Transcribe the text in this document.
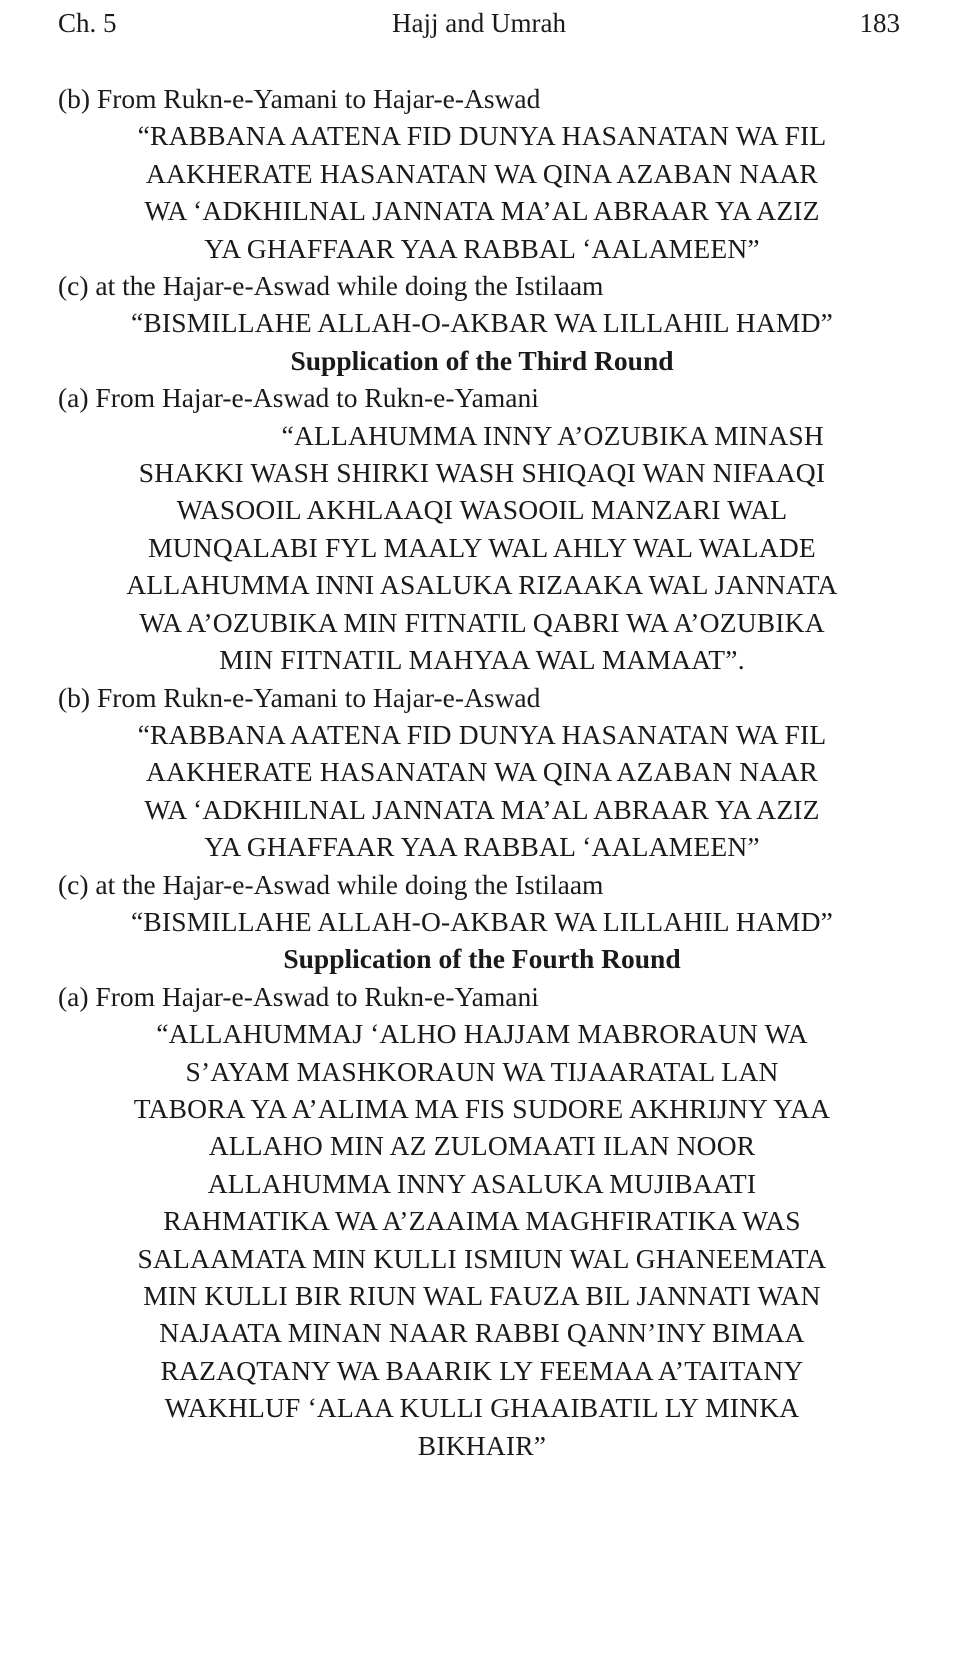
Ch. 5	Hajj and Umrah	183
(b) From Rukn-e-Yamani to Hajar-e-Aswad
“RABBANA AATENA FID DUNYA HASANATAN WA FIL
AAKHERATE HASANATAN WA QINA AZABAN NAAR
WA ‘ADKHILNAL JANNATA MA’AL ABRAAR YA AZIZ
YA GHAFFAAR YAA RABBAL ‘AALAMEEN”
(c) at the Hajar-e-Aswad while doing the Istilaam
“BISMILLAHE ALLAH-O-AKBAR WA LILLAHIL HAMD”
Supplication of the Third Round
(a) From Hajar-e-Aswad to Rukn-e-Yamani
“ALLAHUMMA INNY A’OZUBIKA MINASH
SHAKKI WASH SHIRKI WASH SHIQAQI WAN NIFAAQI
WASOOIL AKHLAAQI WASOOIL MANZARI WAL
MUNQALABI FYL MAALY WAL AHLY WAL WALADE
ALLAHUMMA INNI ASALUKA RIZAAKA WAL JANNATA
WA A’OZUBIKA MIN FITNATIL QABRI WA A’OZUBIKA
MIN FITNATIL MAHYAA WAL MAMAAT”.
(b) From Rukn-e-Yamani to Hajar-e-Aswad
“RABBANA AATENA FID DUNYA HASANATAN WA FIL
AAKHERATE HASANATAN WA QINA AZABAN NAAR
WA ‘ADKHILNAL JANNATA MA’AL ABRAAR YA AZIZ
YA GHAFFAAR YAA RABBAL ‘AALAMEEN”
(c) at the Hajar-e-Aswad while doing the Istilaam
“BISMILLAHE ALLAH-O-AKBAR WA LILLAHIL HAMD”
Supplication of the Fourth Round
(a) From Hajar-e-Aswad to Rukn-e-Yamani
“ALLAHUMMAJ ‘ALHO HAJJAM MABRORAUN WA
S’AYAM MASHKORAUN WA TIJAARATAL LAN
TABORA YA A’ALIMA MA FIS SUDORE AKHRIJNY YAA
ALLAHO MIN AZ ZULOMAATI ILAN NOOR
ALLAHUMMA INNY ASALUKA MUJIBAATI
RAHMATIKA WA A’ZAAIMA MAGHFIRATIKA WAS
SALAAMATA MIN KULLI ISMIUN WAL GHANEEMATA
MIN KULLI BIR RIUN WAL FAUZA BIL JANNATI WAN
NAJAATA MINAN NAAR RABBI QANN’INY BIMAA
RAZAQTANY WA BAARIK LY FEEMAA A’TAITANY
WAKHLUF ‘ALAA KULLI GHAAIBATIL LY MINKA
BIKHAIR”
